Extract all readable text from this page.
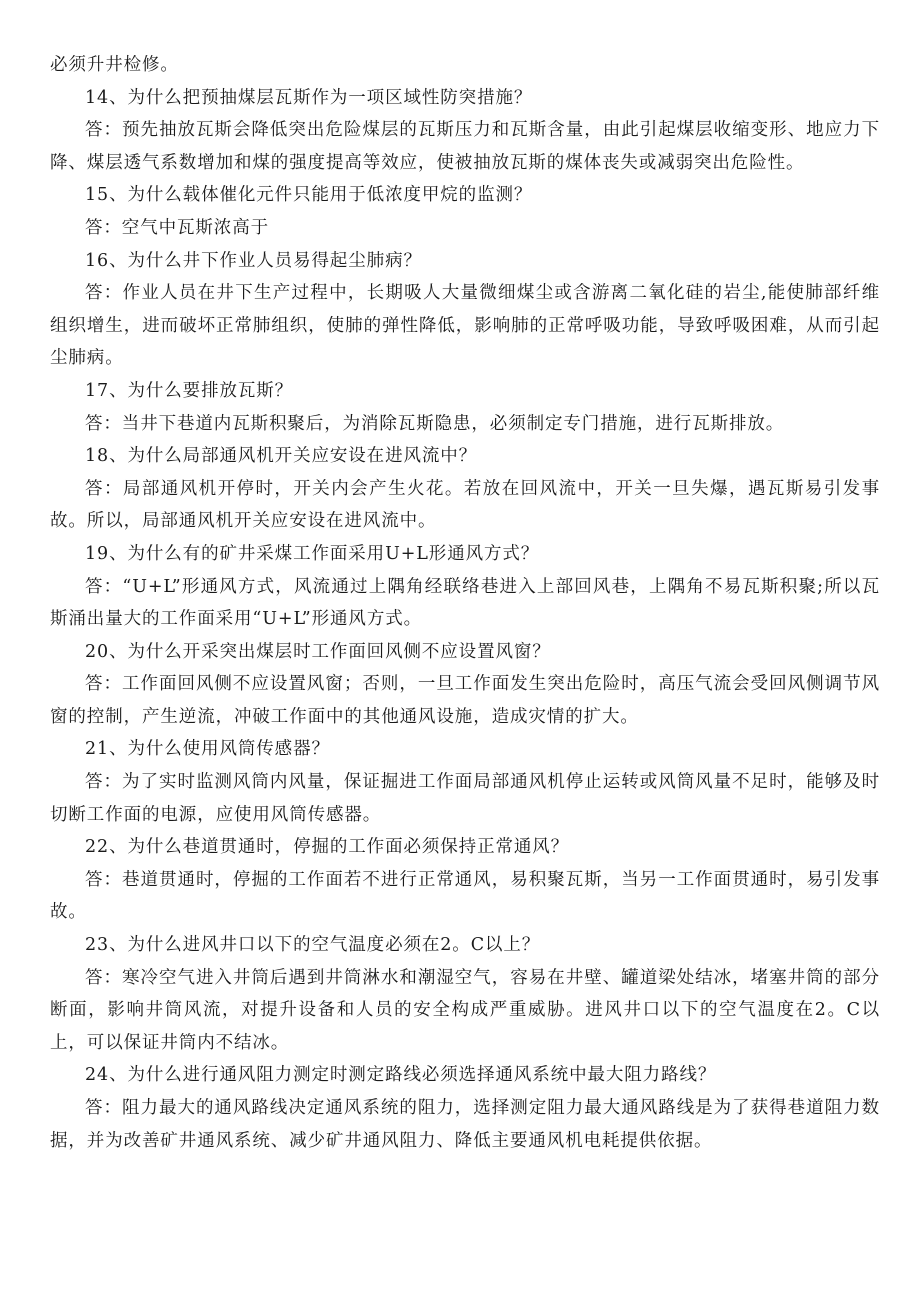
必须升井检修。

14、为什么把预抽煤层瓦斯作为一项区域性防突措施？

答：预先抽放瓦斯会降低突出危险煤层的瓦斯压力和瓦斯含量，由此引起煤层收缩变形、地应力下降、煤层透气系数增加和煤的强度提高等效应，使被抽放瓦斯的煤体丧失或减弱突出危险性。

15、为什么载体催化元件只能用于低浓度甲烷的监测？

答：空气中瓦斯浓高于

16、为什么井下作业人员易得起尘肺病？

答：作业人员在井下生产过程中，长期吸人大量微细煤尘或含游离二氧化硅的岩尘,能使肺部纤维组织增生，进而破坏正常肺组织，使肺的弹性降低，影响肺的正常呼吸功能，导致呼吸困难，从而引起尘肺病。

17、为什么要排放瓦斯？

答：当井下巷道内瓦斯积聚后，为消除瓦斯隐患，必须制定专门措施，进行瓦斯排放。

18、为什么局部通风机开关应安设在进风流中？

答：局部通风机开停时，开关内会产生火花。若放在回风流中，开关一旦失爆，遇瓦斯易引发事故。所以，局部通风机开关应安设在进风流中。

19、为什么有的矿井采煤工作面采用U+L形通风方式？

答：“U+L”形通风方式，风流通过上隅角经联络巷进入上部回风巷，上隅角不易瓦斯积聚;所以瓦斯涌出量大的工作面采用“U+L”形通风方式。

20、为什么开采突出煤层时工作面回风侧不应设置风窗？

答：工作面回风侧不应设置风窗；否则，一旦工作面发生突出危险时，高压气流会受回风侧调节风窗的控制，产生逆流，冲破工作面中的其他通风设施，造成灾情的扩大。

21、为什么使用风筒传感器？

答：为了实时监测风筒内风量，保证掘进工作面局部通风机停止运转或风筒风量不足时，能够及时切断工作面的电源，应使用风筒传感器。

22、为什么巷道贯通时，停掘的工作面必须保持正常通风？

答：巷道贯通时，停掘的工作面若不进行正常通风，易积聚瓦斯，当另一工作面贯通时，易引发事故。

23、为什么进风井口以下的空气温度必须在2。C以上？

答：寒冷空气进入井筒后遇到井筒淋水和潮湿空气，容易在井壁、罐道梁处结冰，堵塞井筒的部分断面，影响井筒风流，对提升设备和人员的安全构成严重威胁。进风井口以下的空气温度在2。C以上，可以保证井筒内不结冰。

24、为什么进行通风阻力测定时测定路线必须选择通风系统中最大阻力路线？

答：阻力最大的通风路线决定通风系统的阻力，选择测定阻力最大通风路线是为了获得巷道阻力数据，并为改善矿井通风系统、减少矿井通风阻力、降低主要通风机电耗提供依据。
